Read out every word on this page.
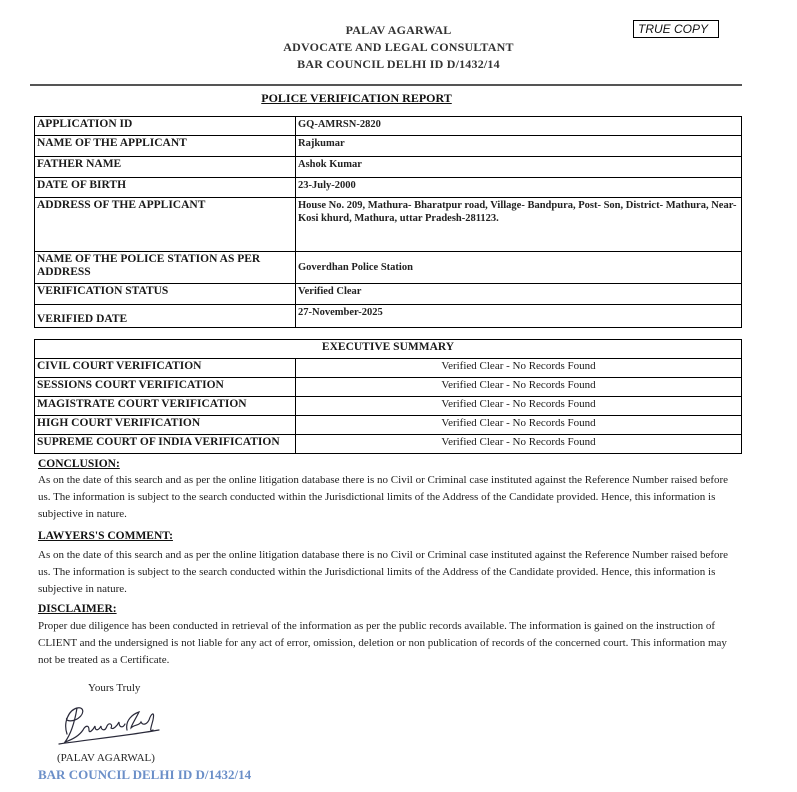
PALAV AGARWAL
ADVOCATE AND LEGAL CONSULTANT
BAR COUNCIL DELHI ID D/1432/14
TRUE COPY
POLICE VERIFICATION REPORT
APPLICATION ID	GQ-AMRSN-2820
NAME OF THE APPLICANT	Rajkumar
FATHER NAME	Ashok Kumar
DATE OF BIRTH	23-July-2000
ADDRESS OF THE APPLICANT	House No. 209, Mathura- Bharatpur road, Village- Bandpura, Post- Son, District- Mathura, Near- Kosi khurd, Mathura, uttar Pradesh-281123.
NAME OF THE POLICE STATION AS PER ADDRESS	Goverdhan Police Station
VERIFICATION STATUS	Verified Clear
VERIFIED DATE	27-November-2025
EXECUTIVE SUMMARY	
CIVIL COURT VERIFICATION	Verified Clear - No Records Found
SESSIONS COURT VERIFICATION	Verified Clear - No Records Found
MAGISTRATE COURT VERIFICATION	Verified Clear - No Records Found
HIGH COURT VERIFICATION	Verified Clear - No Records Found
SUPREME COURT OF INDIA VERIFICATION	Verified Clear - No Records Found
CONCLUSION:
As on the date of this search and as per the online litigation database there is no Civil or Criminal case instituted against the Reference Number raised before us. The information is subject to the search conducted within the Jurisdictional limits of the Address of the Candidate provided. Hence, this information is subjective in nature.
LAWYERS'S COMMENT:
As on the date of this search and as per the online litigation database there is no Civil or Criminal case instituted against the Reference Number raised before us. The information is subject to the search conducted within the Jurisdictional limits of the Address of the Candidate provided. Hence, this information is subjective in nature.
DISCLAIMER:
Proper due diligence has been conducted in retrieval of the information as per the public records available. The information is gained on the instruction of CLIENT and the undersigned is not liable for any act of error, omission, deletion or non publication of records of the concerned court. This information may not be treated as a Certificate.
Yours Truly
(PALAV AGARWAL)
BAR COUNCIL DELHI ID D/1432/14
